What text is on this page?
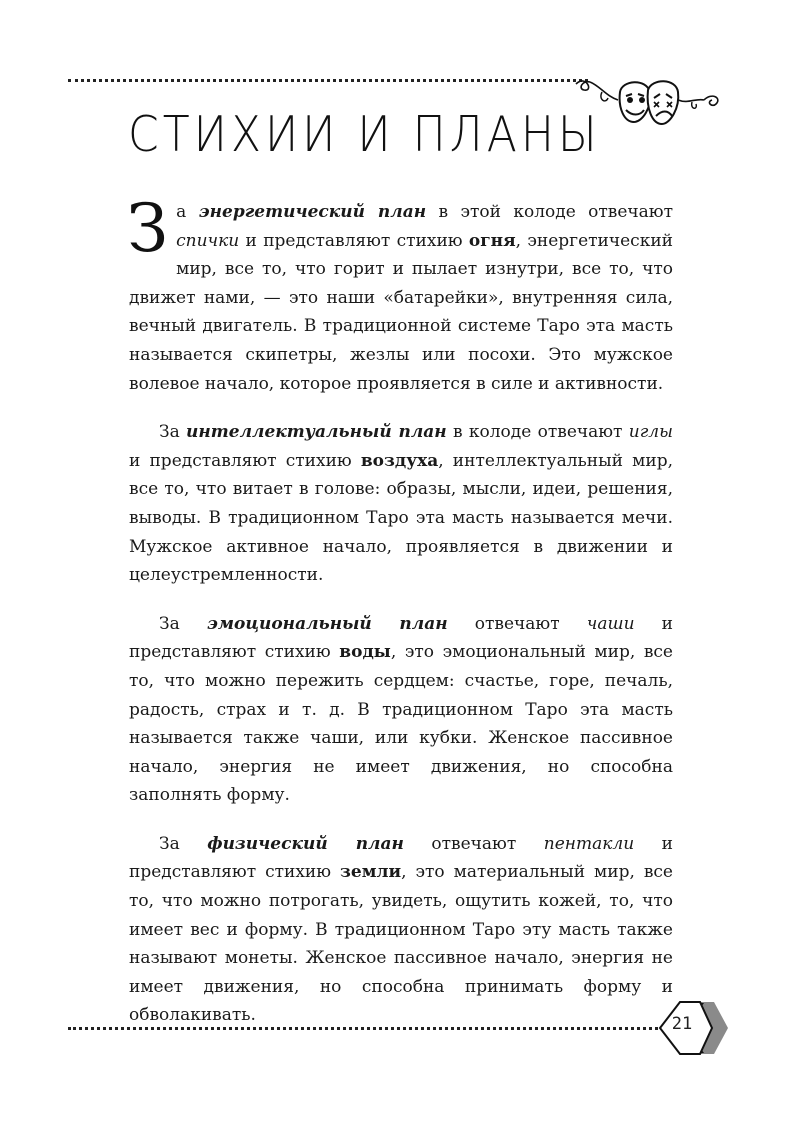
СТИХИИ И ПЛАНЫ

За энергетический план в этой колоде отвечают спички и представляют стихию огня, энергетический мир, все то, что горит и пылает изнутри, все то, что движет нами, — это наши «батарейки», внутренняя сила, вечный двигатель. В традиционной системе Таро эта масть называется скипетры, жезлы или посохи. Это мужское волевое начало, которое проявляется в силе и активности.

За интеллектуальный план в колоде отвечают иглы и представляют стихию воздуха, интеллектуальный мир, все то, что витает в голове: образы, мысли, идеи, решения, выводы. В традиционном Таро эта масть называется мечи. Мужское активное начало, проявляется в движении и целеустремленности.

За эмоциональный план отвечают чаши и представляют стихию воды, это эмоциональный мир, все то, что можно пережить сердцем: счастье, горе, печаль, радость, страх и т. д. В традиционном Таро эта масть называется также чаши, или кубки. Женское пассивное начало, энергия не имеет движения, но способна заполнять форму.

За физический план отвечают пентакли и представляют стихию земли, это материальный мир, все то, что можно потрогать, увидеть, ощутить кожей, то, что имеет вес и форму. В традиционном Таро эту масть также называют монеты. Женское пассивное начало, энергия не имеет движения, но способна принимать форму и обволакивать.	21
